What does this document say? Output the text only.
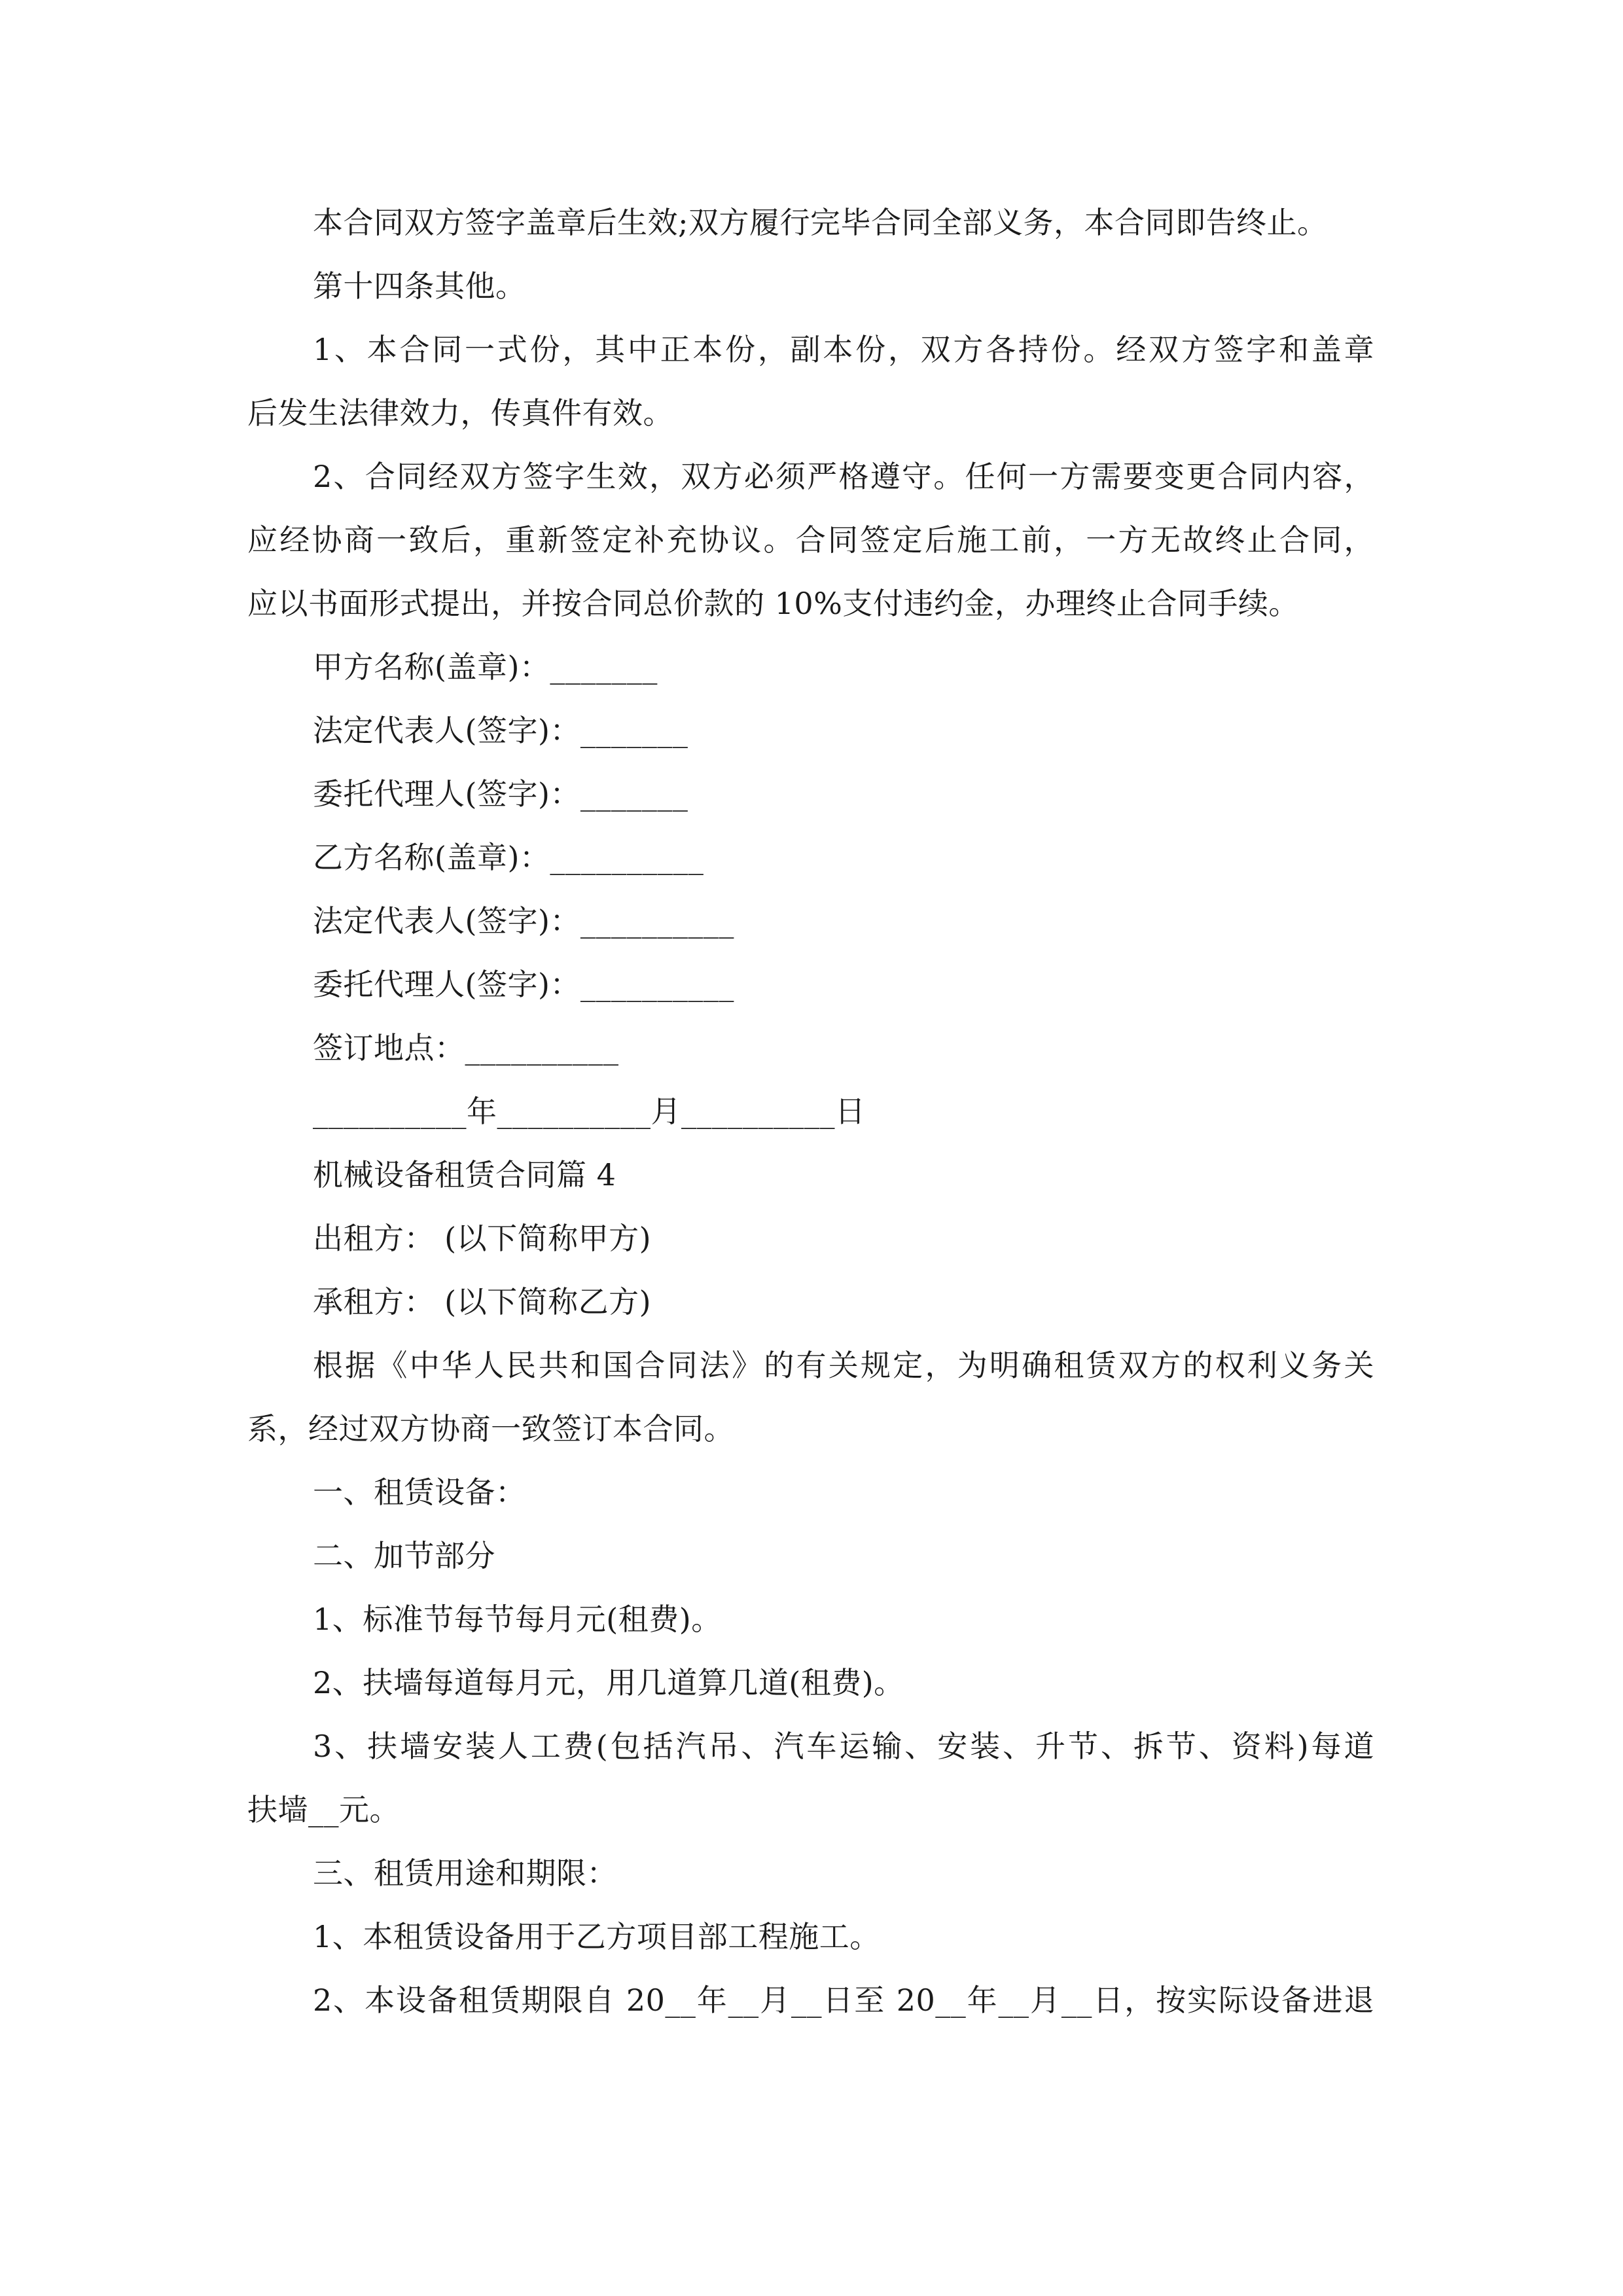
本合同双方签字盖章后生效;双方履行完毕合同全部义务，本合同即告终止。
第十四条其他。
1、本合同一式份，其中正本份，副本份，双方各持份。经双方签字和盖章
后发生法律效力，传真件有效。
2、合同经双方签字生效，双方必须严格遵守。任何一方需要变更合同内容，
应经协商一致后，重新签定补充协议。合同签定后施工前，一方无故终止合同，
应以书面形式提出，并按合同总价款的 10%支付违约金，办理终止合同手续。
甲方名称(盖章)：_______
法定代表人(签字)：_______
委托代理人(签字)：_______
乙方名称(盖章)：__________
法定代表人(签字)：__________
委托代理人(签字)：__________
签订地点：__________
__________年__________月__________日
机械设备租赁合同篇 4
出租方： (以下简称甲方)
承租方： (以下简称乙方)
根据《中华人民共和国合同法》的有关规定，为明确租赁双方的权利义务关
系，经过双方协商一致签订本合同。
一、租赁设备：
二、加节部分
1、标准节每节每月元(租费)。
2、扶墙每道每月元，用几道算几道(租费)。
3、扶墙安装人工费(包括汽吊、汽车运输、安装、升节、拆节、资料)每道
扶墙__元。
三、租赁用途和期限：
1、本租赁设备用于乙方项目部工程施工。
2、本设备租赁期限自 20__年__月__日至 20__年__月__日，按实际设备进退
